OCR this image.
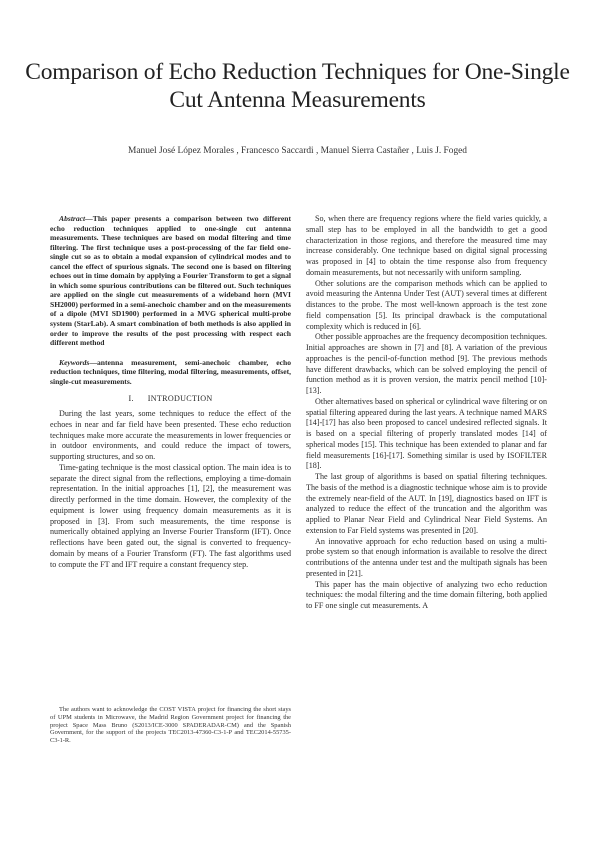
Comparison of Echo Reduction Techniques for One-Single Cut Antenna Measurements
Manuel José López Morales , Francesco Saccardi , Manuel Sierra Castañer , Luis J. Foged

Abstract—This paper presents a comparison between two different echo reduction techniques applied to one-single cut antenna measurements. These techniques are based on modal filtering and time filtering. The first technique uses a post-processing of the far field one-single cut so as to obtain a modal expansion of cylindrical modes and to cancel the effect of spurious signals. The second one is based on filtering echoes out in time domain by applying a Fourier Transform to get a signal in which some spurious contributions can be filtered out. Such techniques are applied on the single cut measurements of a wideband horn (MVI SH2000) performed in a semi-anechoic chamber and on the measurements of a dipole (MVI SD1900) performed in a MVG spherical multi-probe system (StarLab). A smart combination of both methods is also applied in order to improve the results of the post processing with respect each different method

Keywords—antenna measurement, semi-anechoic chamber, echo reduction techniques, time filtering, modal filtering, measurements, offset, single-cut measurements.

I. INTRODUCTION

During the last years, some techniques to reduce the effect of the echoes in near and far field have been presented. These echo reduction techniques make more accurate the measurements in lower frequencies or in outdoor environments, and could reduce the impact of towers, supporting structures, and so on.

Time-gating technique is the most classical option. The main idea is to separate the direct signal from the reflections, employing a time-domain representation. In the initial approaches [1], [2], the measurement was directly performed in the time domain. However, the complexity of the equipment is lower using frequency domain measurements as it is proposed in [3]. From such measurements, the time response is numerically obtained applying an Inverse Fourier Transform (IFT). Once reflections have been gated out, the signal is converted to frequency-domain by means of a Fourier Transform (FT). The fast algorithms used to compute the FT and IFT require a constant frequency step.

The authors want to acknowledge the COST VISTA project for financing the short stays of UPM students in Microwave, the Madrid Region Government project for financing the project Space Mass Bruno (S2013/ICE-3000 SPADERADAR-CM) and the Spanish Government, for the support of the projects TEC2013-47360-C3-1-P and TEC2014-55735-C3-1-R.

So, when there are frequency regions where the field varies quickly, a small step has to be employed in all the bandwidth to get a good characterization in those regions, and therefore the measured time may increase considerably. One technique based on digital signal processing was proposed in [4] to obtain the time response also from frequency domain measurements, but not necessarily with uniform sampling.

Other solutions are the comparison methods which can be applied to avoid measuring the Antenna Under Test (AUT) several times at different distances to the probe. The most well-known approach is the test zone field compensation [5]. Its principal drawback is the computational complexity which is reduced in [6].

Other possible approaches are the frequency decomposition techniques. Initial approaches are shown in [7] and [8]. A variation of the previous approaches is the pencil-of-function method [9]. The previous methods have different drawbacks, which can be solved employing the pencil of function method as it is proven version, the matrix pencil method [10]-[13].

Other alternatives based on spherical or cylindrical wave filtering or on spatial filtering appeared during the last years. A technique named MARS [14]-[17] has also been proposed to cancel undesired reflected signals. It is based on a special filtering of properly translated modes [14] of spherical modes [15]. This technique has been extended to planar and far field measurements [16]-[17]. Something similar is used by ISOFILTER [18].

The last group of algorithms is based on spatial filtering techniques. The basis of the method is a diagnostic technique whose aim is to provide the extremely near-field of the AUT. In [19], diagnostics based on IFT is analyzed to reduce the effect of the truncation and the algorithm was applied to Planar Near Field and Cylindrical Near Field Systems. An extension to Far Field systems was presented in [20].

An innovative approach for echo reduction based on using a multi-probe system so that enough information is available to resolve the direct contributions of the antenna under test and the multipath signals has been presented in [21].

This paper has the main objective of analyzing two echo reduction techniques: the modal filtering and the time domain filtering, both applied to FF one single cut measurements. A
